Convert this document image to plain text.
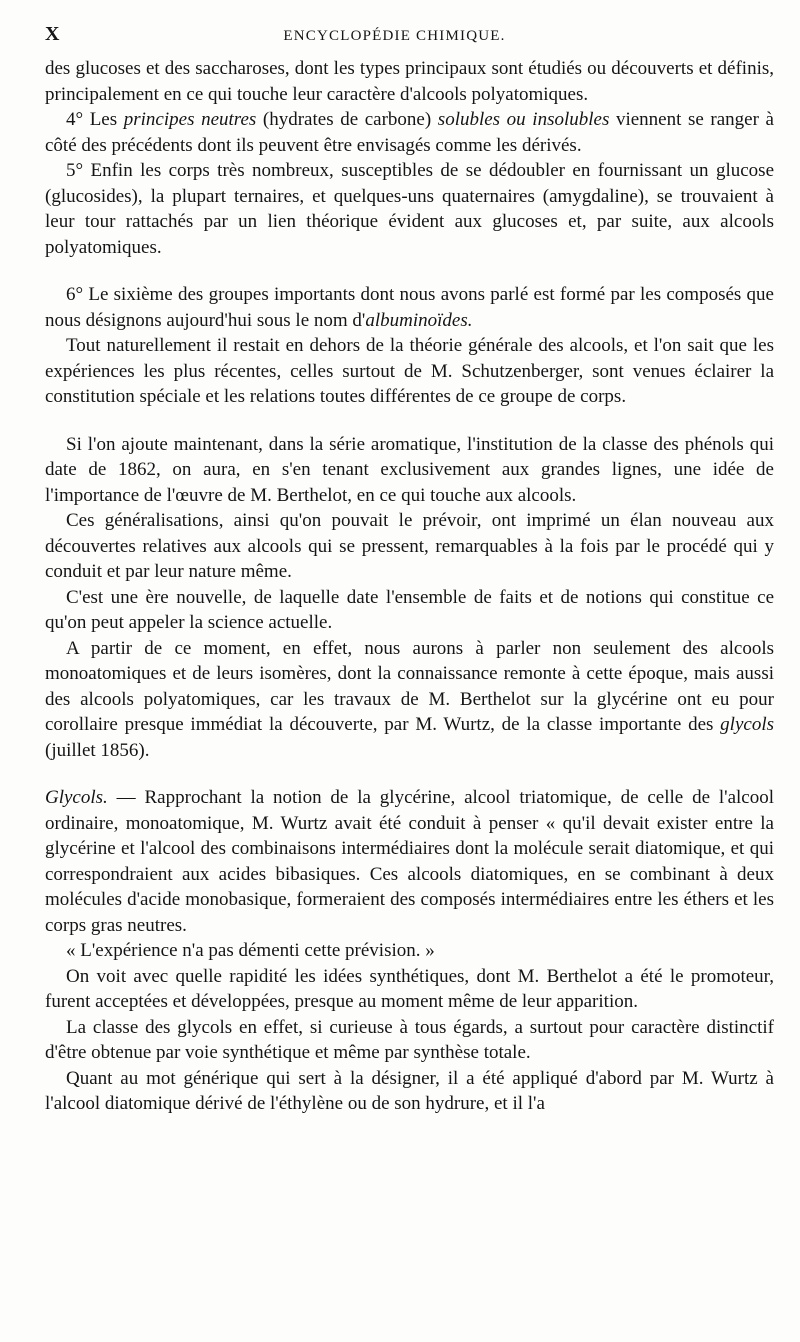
X	ENCYCLOPÉDIE CHIMIQUE.

des glucoses et des saccharoses, dont les types principaux sont étudiés ou découverts et définis, principalement en ce qui touche leur caractère d'alcools polyatomiques.

4° Les principes neutres (hydrates de carbone) solubles ou insolubles viennent se ranger à côté des précédents dont ils peuvent être envisagés comme les dérivés.

5° Enfin les corps très nombreux, susceptibles de se dédoubler en fournissant un glucose (glucosides), la plupart ternaires, et quelques-uns quaternaires (amygdaline), se trouvaient à leur tour rattachés par un lien théorique évident aux glucoses et, par suite, aux alcools polyatomiques.

6° Le sixième des groupes importants dont nous avons parlé est formé par les composés que nous désignons aujourd'hui sous le nom d'albuminoïdes.

Tout naturellement il restait en dehors de la théorie générale des alcools, et l'on sait que les expériences les plus récentes, celles surtout de M. Schutzenberger, sont venues éclairer la constitution spéciale et les relations toutes différentes de ce groupe de corps.

Si l'on ajoute maintenant, dans la série aromatique, l'institution de la classe des phénols qui date de 1862, on aura, en s'en tenant exclusivement aux grandes lignes, une idée de l'importance de l'œuvre de M. Berthelot, en ce qui touche aux alcools.

Ces généralisations, ainsi qu'on pouvait le prévoir, ont imprimé un élan nouveau aux découvertes relatives aux alcools qui se pressent, remarquables à la fois par le procédé qui y conduit et par leur nature même.

C'est une ère nouvelle, de laquelle date l'ensemble de faits et de notions qui constitue ce qu'on peut appeler la science actuelle.

A partir de ce moment, en effet, nous aurons à parler non seulement des alcools monoatomiques et de leurs isomères, dont la connaissance remonte à cette époque, mais aussi des alcools polyatomiques, car les travaux de M. Berthelot sur la glycérine ont eu pour corollaire presque immédiat la découverte, par M. Wurtz, de la classe importante des glycols (juillet 1856).

Glycols. — Rapprochant la notion de la glycérine, alcool triatomique, de celle de l'alcool ordinaire, monoatomique, M. Wurtz avait été conduit à penser « qu'il devait exister entre la glycérine et l'alcool des combinaisons intermédiaires dont la molécule serait diatomique, et qui correspondraient aux acides bibasiques. Ces alcools diatomiques, en se combinant à deux molécules d'acide monobasique, formeraient des composés intermédiaires entre les éthers et les corps gras neutres.

« L'expérience n'a pas démenti cette prévision. »

On voit avec quelle rapidité les idées synthétiques, dont M. Berthelot a été le promoteur, furent acceptées et développées, presque au moment même de leur apparition.

La classe des glycols en effet, si curieuse à tous égards, a surtout pour caractère distinctif d'être obtenue par voie synthétique et même par synthèse totale.

Quant au mot générique qui sert à la désigner, il a été appliqué d'abord par M. Wurtz à l'alcool diatomique dérivé de l'éthylène ou de son hydrure, et il l'a
